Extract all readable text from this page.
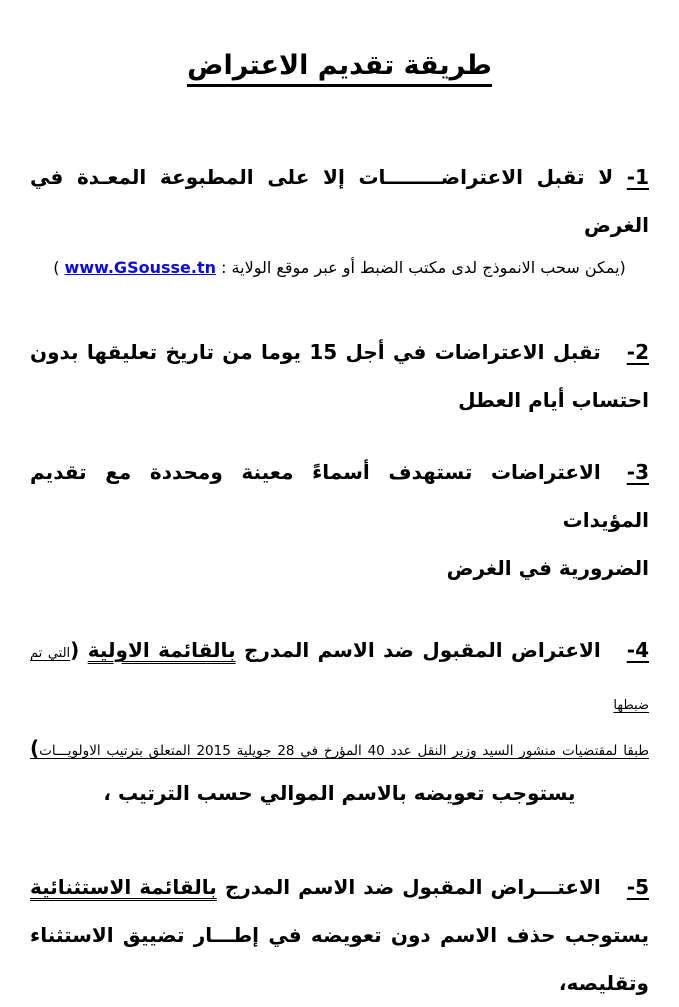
طريقة تقديم الاعتراض
1- لا تقبل الاعتراضــــــــات إلا على المطبوعة المعـدة في الغرض
(يمكن سحب الانموذج لدى مكتب الضبط أو عبر موقع الولاية : www.GSousse.tn )
2-تقبل الاعتراضات في أجل 15 يوما من تاريخ تعليقها بدون
احتساب أيام العطل
3-الاعتراضات تستهدف أسماءً معينة ومحددة مع تقديم المؤيدات
الضرورية في الغرض
4-الاعتراض المقبول ضد الاسم المدرج بالقائمة الاولية (التي تم ضبطها
طبقا لمقتضيات منشور السيد وزير النقل عدد 40 المؤرخ في 28 جويلية 2015 المتعلق بترتيب الاولويـــات)
يستوجب تعويضه بالاسم الموالي حسب الترتيب ،
5-الاعتـــراض المقبول ضد الاسم المدرج بالقائمة الاستثنائية
يستوجب حذف الاسم دون تعويضه في إطـــار تضييق الاستثناء
وتقليصه،
